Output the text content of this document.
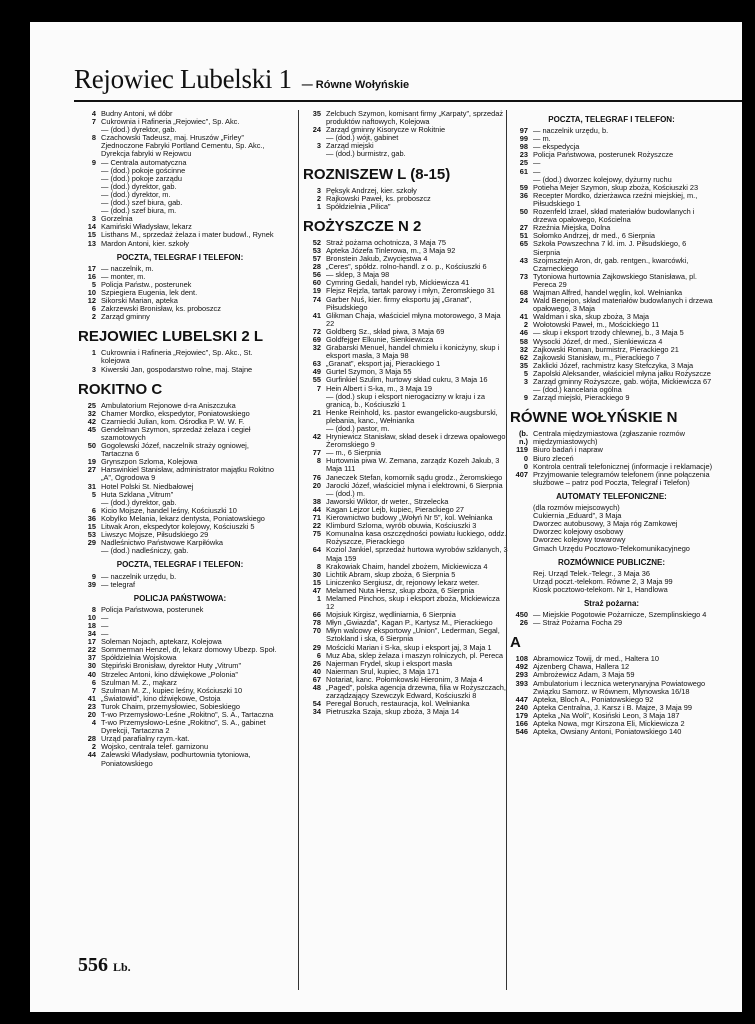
Rejowiec Lubelski 1 — Równe Wołyńskie
4 Budny Antoni, wł dóbr
7 Cukrownia i Rafineria „Rejowiec”, Sp. Akc.
— (dod.) dyrektor, gab.
8 Czachowski Tadeusz, maj. Hruszów „Firley” Zjednoczone Fabryki Portland Cementu, Sp. Akc., Dyrekcja fabryki w Rejowcu
9 — Centrala automatyczna
— (dod.) pokoje gościnne
— (dod.) pokoje zarządu
— (dod.) dyrektor, gab.
— (dod.) dyrektor, m.
— (dod.) szef biura, gab.
— (dod.) szef biura, m.
3 Gorzelnia
14 Kamiński Władysław, lekarz
15 Listhans M., sprzedaż żelaza i mater budowl., Rynek
13 Mardon Antoni, kier. szkoły
POCZTA, TELEGRAF I TELEFON:
17 — naczelnik, m.
16 — monter, m.
5 Policja Państw., posterunek
10 Szpiegiera Eugenia, lek dent.
12 Sikorski Marian, apteka
6 Zakrzewski Bronisław, ks. proboszcz
2 Zarząd gminny
REJOWIEC LUBELSKI 2 L
1 Cukrownia i Rafineria „Rejowiec”, Sp. Akc., St. kolejowa
3 Kiwerski Jan, gospodarstwo rolne, maj. Stajne
ROKITNO C
25 Ambulatorium Rejonowe d-ra Aniszczuka
32 Chamer Mordko, ekspedytor, Poniatowskiego
42 Czarniecki Julian, kom. Ośrodka P. W. W. F.
45 Gendelman Szymon, sprzedaż żelaza i cegieł szamotowych
50 Gogolewski Józef, naczelnik straży ogniowej, Tartaczna 6
19 Grynszpon Szloma, Kolejowa
27 Harswinkiel Stanisław, administrator majątku Rokitno „A”, Ogrodowa 9
31 Hotel Polski St. Niedbałowej
5 Huta Szklana „Vitrum”
— (dod.) dyrektor, gab.
6 Kicio Mojsze, handel leśny, Kościuszki 10
36 Kobylko Melania, lekarz dentysta, Poniatowskiego
15 Litwak Aron, ekspedytor kolejowy, Kościuszki 5
53 Liwszyc Mojsze, Piłsudskiego 29
29 Nadleśnictwo Państwowe Karpiłówka
— (dod.) nadleśniczy, gab.
POCZTA, TELEGRAF I TELEFON:
9 — naczelnik urzędu, b.
39 — telegraf
POLICJA PAŃSTWOWA:
8 Policja Państwowa, posterunek
10 —
18 —
34 —
17 Soleman Nojach, aptekarz, Kolejowa
22 Sommerman Henzel, dr, lekarz domowy Ubezp. Społ.
37 Spółdzielnia Wojskowa
30 Stępiński Bronisław, dyrektor Huty „Vitrum”
40 Strzelec Antoni, kino dźwiękowe „Polonia”
6 Szulman M. Z., mąkarz
7 Szulman M. Z., kupiec leśny, Kościuszki 10
41 „Światowid”, kino dźwiękowe, Ostoja
23 Turok Chaim, przemysłowiec, Sobieskiego
20 T-wo Przemysłowo-Leśne „Rokitno”, S. A., Tartaczna
4 T-wo Przemysłowo-Leśne „Rokitno”, S. A., gabinet Dyrekcji, Tartaczna 2
28 Urząd parafialny rzym.-kat.
2 Wojsko, centrala telef. garnizonu
44 Zalewski Władysław, podhurtownia tytoniowa, Poniatowskiego
35 Zelcbuch Szymon, komisant firmy „Karpaty”, sprzedaż produktów naftowych, Kolejowa
24 Zarząd gminny Kisorycze w Rokitnie
— (dod.) wójt, gabinet
3 Zarząd miejski
— (dod.) burmistrz, gab.
ROZNISZEW L (8-15)
3 Pęksyk Andrzej, kier. szkoły
2 Rajkowski Paweł, ks. proboszcz
1 Spółdzielnia „Pilica”
ROŻYSZCZE N 2
52 Straż pożarna ochotnicza, 3 Maja 75
53 Apteka Józefa Tinlerowa, m., 3 Maja 92
57 Bronstein Jakub, Zwycięstwa 4
28 „Ceres”, spółdz. rolno-handl. z o. p., Kościuszki 6
56 — sklep, 3 Maja 98
60 Cymring Gedali, handel ryb, Mickiewicza 41
19 Flejsz Rejzla, tartak parowy i młyn, Żeromskiego 31
74 Garber Nuś, kier. firmy eksportu jaj „Granat”, Piłsudskiego
41 Glikman Chaja, właściciel młyna motorowego, 3 Maja 22
72 Goldberg Sz., skład piwa, 3 Maja 69
69 Goldfejger Elkunie, Sienkiewicza
32 Grabarski Menuel, handel chmielu i konicżyny, skup i eksport masła, 3 Maja 98
63 „Granat”, eksport jaj, Pierackiego 1
49 Gurtel Szymon, 3 Maja 55
55 Gurfinkiel Szulim, hurtowy skład cukru, 3 Maja 16
7 Hein Albert i S-ka, m., 3 Maja 19
— (dod.) skup i eksport nierogacizny w kraju i za granicą, b., Kościuszki 1
21 Henke Reinhold, ks. pastor ewangelicko-augsburski, plebania, kanc., Wełnianka
— (dod.) pastor, m.
42 Hryniewicz Stanisław, skład desek i drzewa opałowego, Żeromskiego 9
77 — m., 6 Sierpnia
8 Hurtownia piwa W. Zemana, zarządz Kozeh Jakub, 3 Maja 111
76 Janeczek Stefan, komornik sądu grodz., Żeromskiego
20 Jarocki Józef, właściciel młyna i elektrowni, 6 Sierpnia
— (dod.) m.
38 Jaworski Wiktor, dr weter., Strzeleckа
44 Kagan Lejzor Lejb, kupiec, Pierackiego 27
71 Kierownictwo budowy „Wołyń Nr 5”, kol. Wełnianka
22 Klimburd Szloma, wyrób obuwia, Kościuszki 3
75 Komunalna kasa oszczędności powiatu łuckiego, oddz. Rożyszcze, Pierackiego
64 Koziol Jankiel, sprzedaż hurtowa wyrobów szklanych, 3 Maja 159
8 Krakowiak Chaim, handel zbożem, Mickiewicza 4
30 Lichtik Abram, skup zboża, 6 Sierpnia 5
15 Liniczenko Sergiusz, dr, rejonowy lekarz weter.
47 Melamed Nuta Hersz, skup zboża, 6 Sierpnia
1 Melamed Pinchos, skup i eksport zboża, Mickiewicza 12
66 Mojsiuk Kirgisz, wędliniarnia, 6 Sierpnia
78 Młyn „Gwiazda”, Kagan P., Kartysz M., Pierackiego
70 Młyn walcowy eksportowy „Union”, Lederman, Segal, Sztokland i ska, 6 Sierpnia
29 Mościcki Marian i S-ka, skup i eksport jaj, 3 Maja 1
6 Muz Aba, sklep żelaza i maszyn rolniczych, pl. Perecа
26 Najerman Frydel, skup i eksport masła
40 Naierman Srul, kupiec, 3 Maja 171
67 Notariat, kanc. Połomkowski Hieronim, 3 Maja 4
48 „Paged”, polska agencja drzewna, filia w Rożyszczach, zarządzający Szewczyk Edward, Kościuszki 8
54 Peregal Boruch, restauracja, kol. Wełnianka
34 Pietruszka Szaja, skup zboża, 3 Maja 14
POCZTA, TELEGRAF I TELEFON:
97 — naczelnik urzędu, b.
99 — m.
98 — ekspedycja
23 Policja Państwowa, posterunek Rożyszcze
25 —
61 —
— (dod.) dworzec kolejowy, dyżurny ruchu
59 Potieha Mejer Szymon, skup zboża, Kościuszki 23
36 Recepter Mordko, dzierżawca rzeźni miejskiej, m., Piłsudskiego 1
50 Rozenfeld Izrael, skład materiałów budowlanych i drzewa opałowego, Kościelna
27 Rzeźnia Miejska, Dolna
51 Sołomko Andrzej, dr med., 6 Sierpnia
65 Szkoła Powszechna 7 kl. im. J. Piłsudskiego, 6 Sierpnia
43 Szojmsztejn Aron, dr, gab. rentgen., kwarcówki, Czarneckiego
73 Tytoniowa hurtownia Zajkowskiego Stanisława, pl. Perecа 29
68 Wajman Alfred, handel węglin, kol. Wełnianka
24 Wald Benejon, skład materiałów budowlanych i drzewa opałowego, 3 Maja
41 Waldman i ska, skup zboża, 3 Maja
2 Wołotowski Paweł, m., Mościckiego 11
46 — skup i eksport trzody chlewnej, b., 3 Maja 5
58 Wysocki Józef, dr med., Sienkiewicza 4
32 Zajkowski Roman, burmistrz, Pierackiego 21
62 Zajkowski Stanisław, m., Pierackiego 7
35 Zaklicki Józef, rachmistrz kasy Stefczyka, 3 Maja
5 Zapolski Aleksander, właściciel młyna jałku Rożyszcze
3 Zarząd gminny Rożyszcze, gab. wójta, Mickiewicza 67
— (dod.) kancelaria ogólna
9 Zarząd miejski, Pierackiego 9
RÓWNE WOŁYŃSKIE N
(b. n.)
Centrala międzymiastowa (zgłaszanie rozmów międzymiastowych)
119 Biuro badań i napraw
0 Biuro zleceń
0 Kontrola centrali telefonicznej (informacje i reklamacje)
407 Przyjmowanie telegramów telefonem (inne połączenia służbowe – patrz pod Poczta, Telegraf i Telefon)
AUTOMATY TELEFONICZNE:
(dla rozmów miejscowych)
Cukiernia „Eduard”, 3 Maja
Dworzec autobusowy, 3 Maja róg Zamkowej
Dworzec kolejowy osobowy
Dworzec kolejowy towarowy
Gmach Urzędu Pocztowo-Telekomunikacyjnego
ROZMÓWNICE PUBLICZNE:
Rej. Urząd Telek.-Telegr., 3 Maja 36
Urząd poczt.-telekom. Równe 2, 3 Maja 99
Kiosk pocztowo-telekom. Nr 1, Handlowa
Straż pożarna:
450 — Miejskie Pogotowie Pożarnicze, Szemplinskiego 4
26 — Straż Pożarna Focha 29
A
108 Abramowicz Towij, dr med., Halterа 10
492 Ajzenberg Chawa, Hallera 12
293 Ambrożewicz Adam, 3 Maja 59
393 Ambulatorium i lecznica weterynaryjna Powiatowego Związku Samorz. w Równem, Mlynowska 16/18
447 Apteka, Bloch A., Poniatowskiego 92
240 Apteka Centralna, J. Karsz i B. Majze, 3 Maja 99
179 Apteka „Na Woli”, Kosiński Leon, 3 Maja 187
166 Apteka Nowa, mgr Kirszona Eli, Mickiewicza 2
546 Apteka, Owsiany Antoni, Poniatowskiego 140
556 Lb.
